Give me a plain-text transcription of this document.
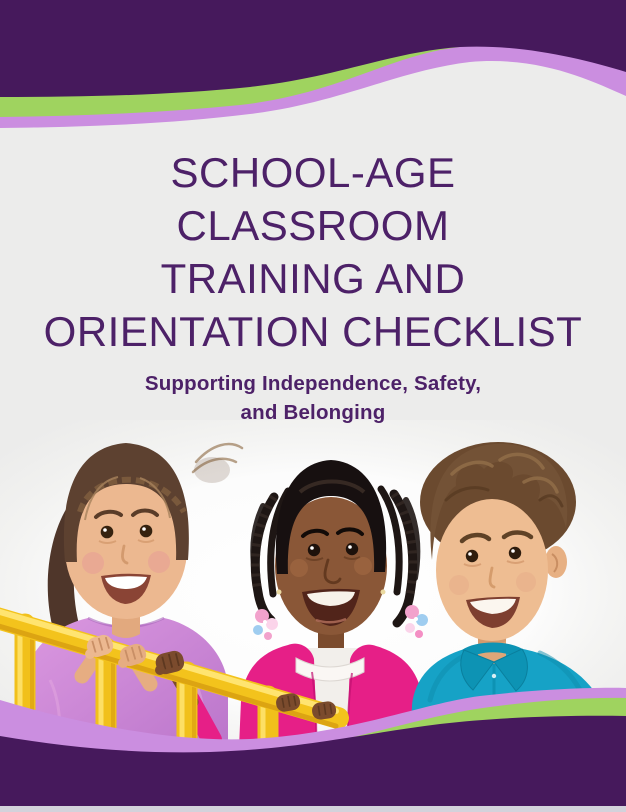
SCHOOL-AGE
CLASSROOM
TRAINING AND
ORIENTATION CHECKLIST
Supporting Independence, Safety,
and Belonging
